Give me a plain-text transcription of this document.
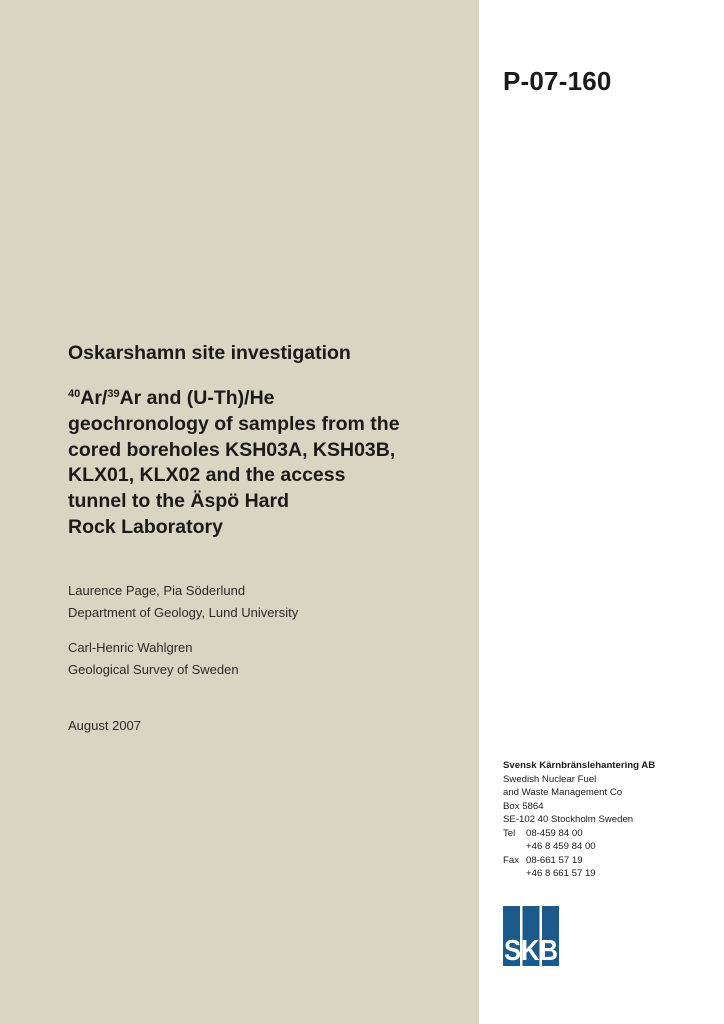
P-07-160
Oskarshamn site investigation
$^{40}$Ar/$^{39}$Ar and (U-Th)/He
geochronology of samples from the
cored boreholes KSH03A, KSH03B,
KLX01, KLX02 and the access
tunnel to the Äspö Hard
Rock Laboratory
Laurence Page, Pia Söderlund
Department of Geology, Lund University
Carl-Henric Wahlgren
Geological Survey of Sweden
August 2007
Svensk Kärnbränslehantering AB
Swedish Nuclear Fuel
and Waste Management Co
Box 5864
SE-102 40 Stockholm Sweden
Tel 08-459 84 00
+46 8 459 84 00
Fax 08-661 57 19
+46 8 661 57 19
SKB
